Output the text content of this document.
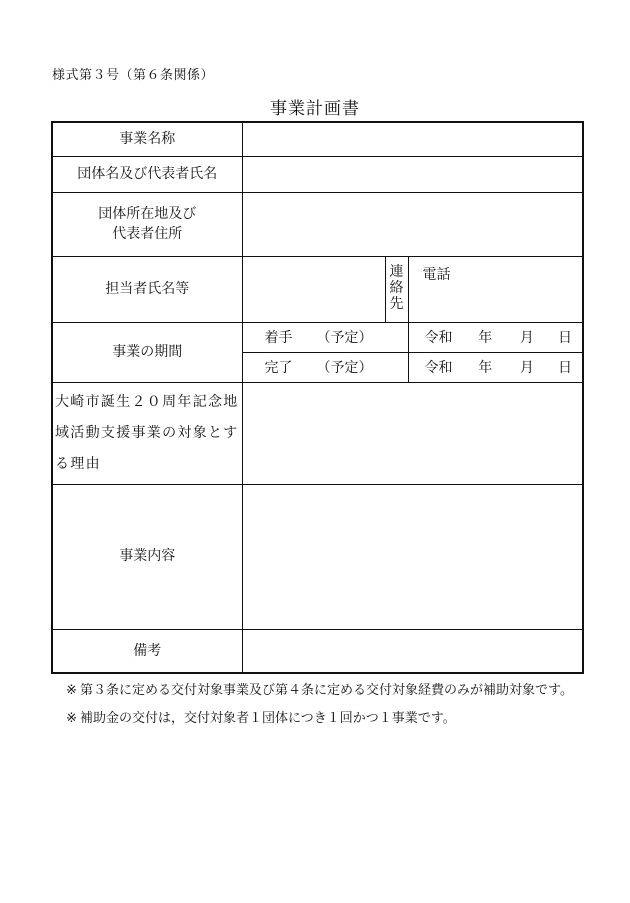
様式第３号（第６条関係）
事業計画書
事業名称			
団体名及び代表者氏名			

団体所在地及び
代表者住所			

担当者氏名等		連
絡
先	電話
事業の期間	着手 （予定）		令和 年 月 日

	完了 （予定）		令和 年 月 日

大崎市誕生２０周年記念地域活動支援事業の対象とする理由			
事業内容			
備考			
※ 第３条に定める交付対象事業及び第４条に定める交付対象経費のみが補助対象です。
※ 補助金の交付は，交付対象者１団体につき１回かつ１事業です。
